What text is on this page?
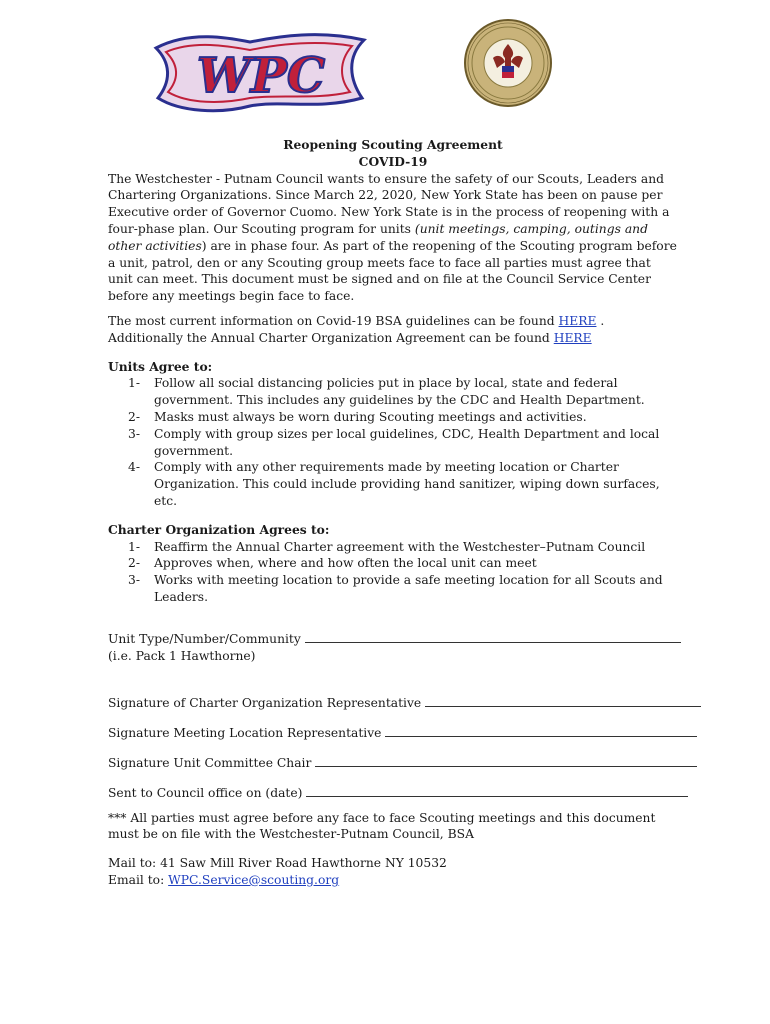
WPC

Reopening Scouting Agreement

COVID-19

The Westchester - Putnam Council wants to ensure the safety of our Scouts, Leaders and Chartering Organizations. Since March 22, 2020, New York State has been on pause per Executive order of Governor Cuomo. New York State is in the process of reopening with a four-phase plan. Our Scouting program for units (unit meetings, camping, outings and other activities) are in phase four. As part of the reopening of the Scouting program before a unit, patrol, den or any Scouting group meets face to face all parties must agree that unit can meet. This document must be signed and on file at the Council Service Center before any meetings begin face to face.

The most current information on Covid-19 BSA guidelines can be found HERE . Additionally the Annual Charter Organization Agreement can be found HERE

Units Agree to:

1- Follow all social distancing policies put in place by local, state and federal government. This includes any guidelines by the CDC and Health Department.
2- Masks must always be worn during Scouting meetings and activities.
3- Comply with group sizes per local guidelines, CDC, Health Department and local government.
4- Comply with any other requirements made by meeting location or Charter Organization. This could include providing hand sanitizer, wiping down surfaces, etc.

Charter Organization Agrees to:

1- Reaffirm the Annual Charter agreement with the Westchester–Putnam Council
2- Approves when, where and how often the local unit can meet
3- Works with meeting location to provide a safe meeting location for all Scouts and Leaders.

Unit Type/Number/Community

(i.e. Pack 1 Hawthorne)

Signature of Charter Organization Representative

Signature Meeting Location Representative

Signature Unit Committee Chair

Sent to Council office on (date)

*** All parties must agree before any face to face Scouting meetings and this document must be on file with the Westchester-Putnam Council, BSA

Mail to: 41 Saw Mill River Road Hawthorne NY 10532

Email to: WPC.Service@scouting.org
